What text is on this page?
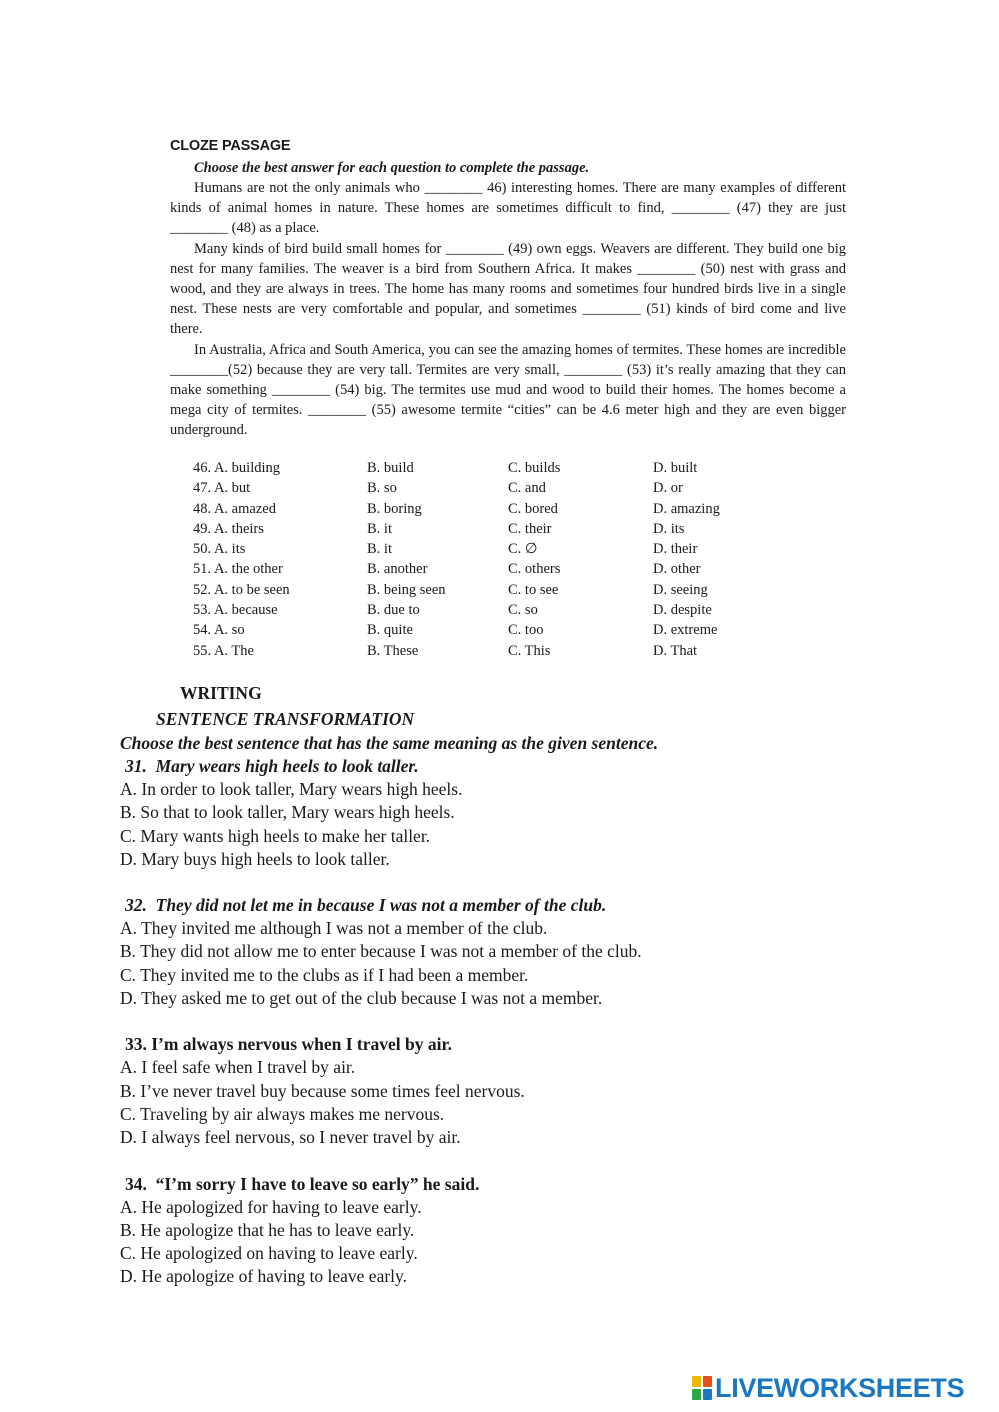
CLOZE PASSAGE

Choose the best answer for each question to complete the passage.

Humans are not the only animals who ________ 46) interesting homes. There are many examples of different kinds of animal homes in nature. These homes are sometimes difficult to find, ________ (47) they are just ________ (48) as a place.

Many kinds of bird build small homes for ________ (49) own eggs. Weavers are different. They build one big nest for many families. The weaver is a bird from Southern Africa. It makes ________ (50) nest with grass and wood, and they are always in trees. The home has many rooms and sometimes four hundred birds live in a single nest. These nests are very comfortable and popular, and sometimes ________ (51) kinds of bird come and live there.

In Australia, Africa and South America, you can see the amazing homes of termites. These homes are incredible ________(52) because they are very tall. Termites are very small, ________ (53) it’s really amazing that they can make something ________ (54) big. The termites use mud and wood to build their homes. The homes become a mega city of termites. ________ (55) awesome termite “cities” can be 4.6 meter high and they are even bigger underground.

46. A. building	B. build	C. builds	D. built
47. A. but	B. so	C. and	D. or
48. A. amazed	B. boring	C. bored	D. amazing
49. A. theirs	B. it	C. their	D. its
50. A. its	B. it	C. ∅	D. their
51. A. the other	B. another	C. others	D. other
52. A. to be seen	B. being seen	C. to see	D. seeing
53. A. because	B. due to	C. so	D. despite
54. A. so	B. quite	C. too	D. extreme
55. A. The	B. These	C. This	D. That

WRITING

SENTENCE TRANSFORMATION

Choose the best sentence that has the same meaning as the given sentence.

31.  Mary wears high heels to look taller.

A. In order to look taller, Mary wears high heels.

B. So that to look taller, Mary wears high heels.

C. Mary wants high heels to make her taller.

D. Mary buys high heels to look taller.

32.  They did not let me in because I was not a member of the club.

A. They invited me although I was not a member of the club.

B. They did not allow me to enter because I was not a member of the club.

C. They invited me to the clubs as if I had been a member.

D. They asked me to get out of the club because I was not a member.

33. I’m always nervous when I travel by air.

A. I feel safe when I travel by air.

B. I’ve never travel buy because some times feel nervous.

C. Traveling by air always makes me nervous.

D. I always feel nervous, so I never travel by air.

34.  “I’m sorry I have to leave so early” he said.

A. He apologized for having to leave early.

B. He apologize that he has to leave early.

C. He apologized on having to leave early.

D. He apologize of having to leave early.

LIVEWORKSHEETS
